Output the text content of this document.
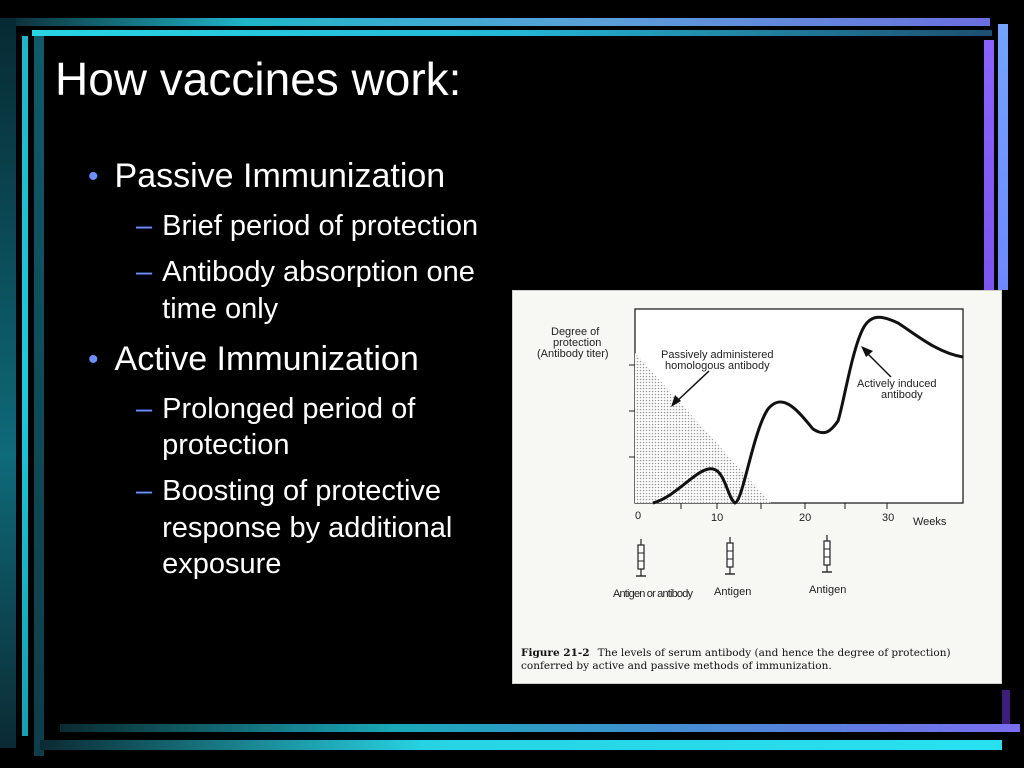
How vaccines work:
• Passive Immunization
– Brief period of protection
– Antibody absorption one time only
• Active Immunization
– Prolonged period of protection
– Boosting of protective response by additional exposure
Degree of
protection
(Antibody titer)	Passively administered
homologous antibody
Actively induced
antibody
0	10	20	30 Weeks
Antigen or antibody Antigen	Antigen
Figure 21-2 The levels of serum antibody (and hence the degree of protection) conferred by active and passive methods of immunization.
